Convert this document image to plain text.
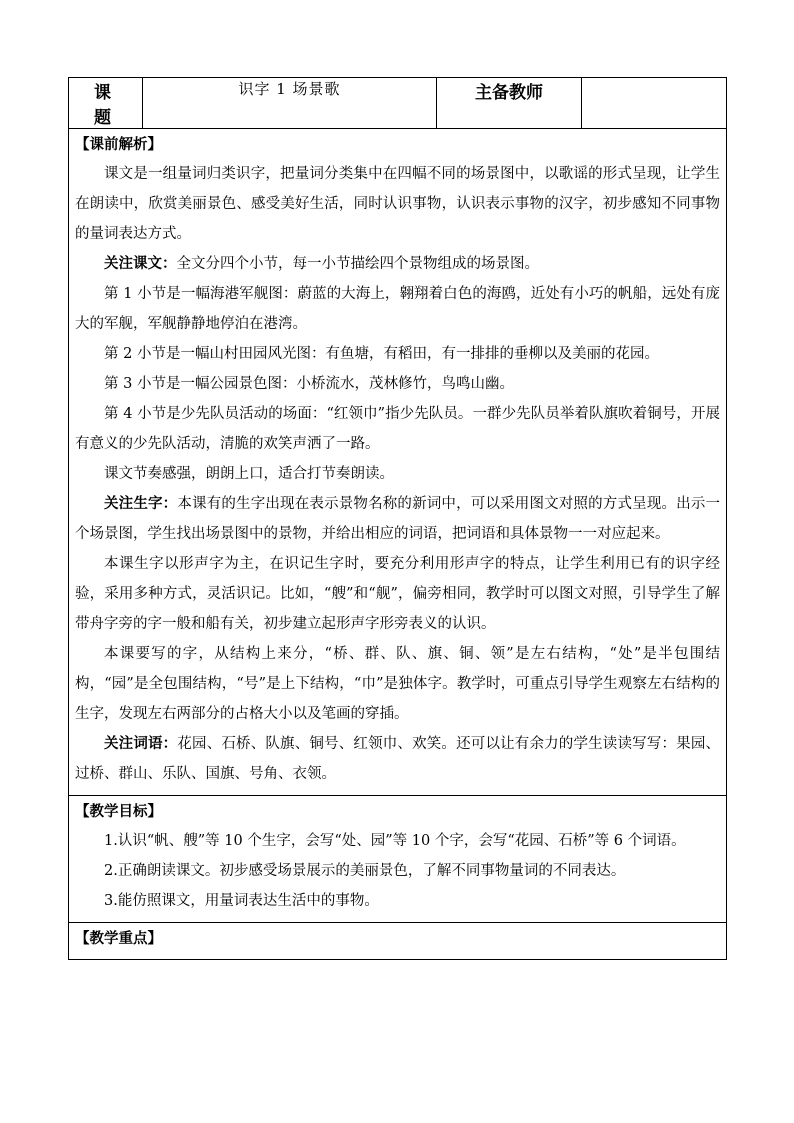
课 题	识字 1 场景歌	主备教师	

【课前解析】

课文是一组量词归类识字，把量词分类集中在四幅不同的场景图中，以歌谣的形式呈现，让学生在朗读中，欣赏美丽景色、感受美好生活，同时认识事物，认识表示事物的汉字，初步感知不同事物的量词表达方式。

关注课文：全文分四个小节，每一小节描绘四个景物组成的场景图。

第 1 小节是一幅海港军舰图：蔚蓝的大海上，翱翔着白色的海鸥，近处有小巧的帆船，远处有庞大的军舰，军舰静静地停泊在港湾。

第 2 小节是一幅山村田园风光图：有鱼塘，有稻田，有一排排的垂柳以及美丽的花园。

第 3 小节是一幅公园景色图：小桥流水，茂林修竹，鸟鸣山幽。

第 4 小节是少先队员活动的场面：“红领巾”指少先队员。一群少先队员举着队旗吹着铜号，开展有意义的少先队活动，清脆的欢笑声洒了一路。

课文节奏感强，朗朗上口，适合打节奏朗读。

关注生字：本课有的生字出现在表示景物名称的新词中，可以采用图文对照的方式呈现。出示一个场景图，学生找出场景图中的景物，并给出相应的词语，把词语和具体景物一一对应起来。

本课生字以形声字为主，在识记生字时，要充分利用形声字的特点，让学生利用已有的识字经验，采用多种方式，灵活识记。比如，“艘”和“舰”，偏旁相同，教学时可以图文对照，引导学生了解带舟字旁的字一般和船有关，初步建立起形声字形旁表义的认识。

本课要写的字，从结构上来分，“桥、群、队、旗、铜、领”是左右结构，“处”是半包围结构，“园”是全包围结构，“号”是上下结构，“巾”是独体字。教学时，可重点引导学生观察左右结构的生字，发现左右两部分的占格大小以及笔画的穿插。

关注词语：花园、石桥、队旗、铜号、红领巾、欢笑。还可以让有余力的学生读读写写：果园、过桥、群山、乐队、国旗、号角、衣领。

【教学目标】

1.认识“帆、艘”等 10 个生字，会写“处、园”等 10 个字，会写“花园、石桥”等 6 个词语。

2.正确朗读课文。初步感受场景展示的美丽景色，了解不同事物量词的不同表达。

3.能仿照课文，用量词表达生活中的事物。

【教学重点】
